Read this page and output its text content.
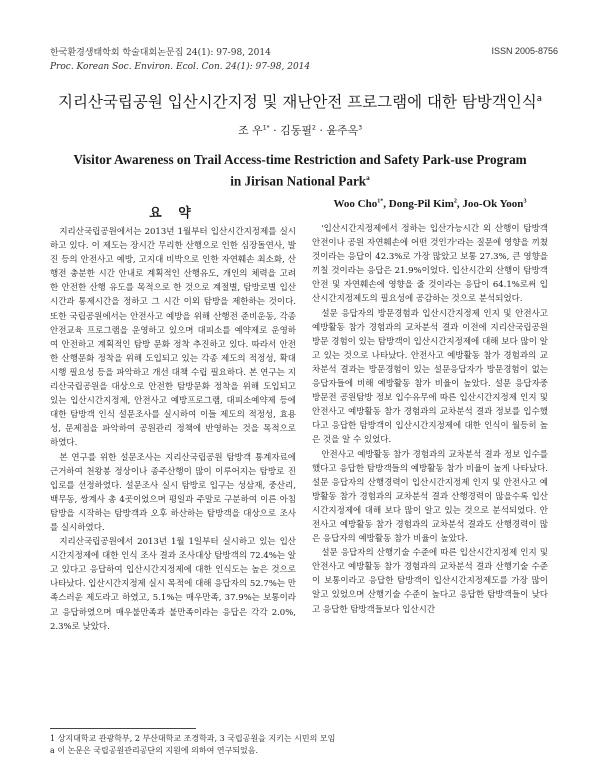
한국환경생태학회 학술대회논문집 24(1): 97-98, 2014
Proc. Korean Soc. Environ. Ecol. Con. 24(1): 97-98, 2014
ISSN 2005-8756
지리산국립공원 입산시간지정 및 재난안전 프로그램에 대한 탐방객인식$^a$
조 우$^{1*}$ · 김동필$^2$ · 윤주옥$^3$
Visitor Awareness on Trail Access-time Restriction and Safety Park-use Program
in Jirisan National Park$^a$
Woo Cho$^{1*}$, Dong-Pil Kim$^2$, Joo-Ok Yoon$^3$
요 약

지리산국립공원에서는 2013년 1월부터 입산시간지정제를 실시하고 있다. 이 제도는 장시간 무리한 산행으로 인한 심장돌연사, 발진 등의 안전사고 예방, 고지대 비박으로 인한 자연훼손 최소화, 산행전 충분한 시간 안내로 계획적인 산행유도, 개인의 체력을 고려한 안전한 산행 유도를 목적으로 한 것으로 계절별, 탐방로별 입산시간과 통제시간을 정하고 그 시간 이외 탐방을 제한하는 것이다. 또한 국립공원에서는 안전사고 예방을 위해 산행전 준비운동, 각종 안전교육 프로그램을 운영하고 있으며 대피소를 예약제로 운영하여 안전하고 계획적인 탐방 문화 정착 추진하고 있다. 따라서 안전한 산행문화 정착을 위해 도입되고 있는 각종 제도의 적정성, 확대 시행 필요성 등을 파악하고 개선 대책 수립 필요하다. 본 연구는 지리산국립공원을 대상으로 안전한 탐방문화 정착을 위해 도입되고 있는 입산시간지정제, 안전사고 예방프로그램, 대피소예약제 등에 대한 탐방객 인식 설문조사를 실시하여 이들 제도의 적정성, 효용성, 문제점을 파악하여 공원관리 정책에 반영하는 것을 목적으로 하였다.

본 연구를 위한 설문조사는 지리산국립공원 탐방객 통계자료에 근거하여 천왕봉 정상이나 종주산행이 많이 이루어지는 탐방로 진입로를 선정하였다. 설문조사 실시 탐방로 입구는 성삼재, 중산리, 백무동, 쌍계사 총 4곳이었으며 평일과 주말로 구분하여 이른 아침 탐방을 시작하는 탐방객과 오후 하산하는 탐방객을 대상으로 조사를 실시하였다.

지리산국립공원에서 2013년 1월 1일부터 실시하고 있는 입산시간지정제에 대한 인식 조사 결과 조사대상 탐방객의 72.4%는 알고 있다고 응답하여 입산시간지정제에 대한 인식도는 높은 것으로 나타났다. 입산시간지정제 실시 목적에 대해 응답자의 52.7%는 만족스러운 제도라고 하였고, 5.1%는 매우만족, 37.9%는 보통이라고 응답하였으며 매우불만족과 불만족이라는 응답은 각각 2.0%, 2.3%로 낮았다.

'입산시간지정제에서 정하는 입산가능시간 외 산행이 탐방객 안전이나 공원 자연훼손에 어떤 것인가'라는 질문에 영향을 끼쳤것이라는 응답이 42.3%로 가장 많았고 보통 27.3%, 큰 영향을 끼칠 것이라는 응답은 21.9%이었다. 입산시간외 산행이 탐방객 안전 및 자연훼손에 영향을 줄 것이라는 응답이 64.1%로써 입산시간지정제도의 필요성에 공감하는 것으로 분석되었다.

설문 응답자의 방문경험과 입산시간지정제 인지 및 안전사고 예방활동 참가 경험과의 교차분석 결과 이전에 지리산국립공원 방문 경험이 있는 탐방객이 입산시간지정제에 대해 보다 많이 알고 있는 것으로 나타났다. 안전사고 예방활동 참가 경험과의 교차분석 결과는 방문경험이 있는 설문응답자가 방문경험이 없는 응답자들에 비해 예방활동 참가 비율이 높았다. 설문 응답자중 방문전 공원탐방 정보 입수유무에 따른 입산시간지정제 인지 및 안전사고 예방활동 참가 경험과의 교차분석 결과 정보를 입수했다고 응답한 탐방객이 입산시간지정제에 대한 인식이 월등히 높은 것을 알 수 있었다.

안전사고 예방활동 참가 경험과의 교차분석 결과 정보 입수를 했다고 응답한 탐방객들의 예방활동 참가 비율이 높게 나타났다. 설문 응답자의 산행경력이 입산시간지정제 인지 및 안전사고 예방활동 참가 경험과의 교차분석 결과 산행경력이 많을수록 입산시간지정제에 대해 보다 많이 알고 있는 것으로 분석되었다. 안전사고 예방활동 참가 경험과의 교차분석 결과도 산행경력이 많은 응답자의 예방활동 참가 비율이 높았다.

설문 응답자의 산행기술 수준에 따른 입산시간지정제 인지 및 안전사고 예방활동 참가 경험과의 교차분석 결과 산행기술 수준이 보통이라고 응답한 탐방객이 입산시간지정제도를 가장 많이 알고 있었으며 산행기술 수준이 높다고 응답한 탐방객들이 낮다고 응답한 탐방객들보다 입산시간

1 상지대학교 관광학부, 2 부산대학교 조경학과, 3 국립공원을 지키는 시민의 모임
a 이 논문은 국립공원관리공단의 지원에 의하여 연구되었음.
